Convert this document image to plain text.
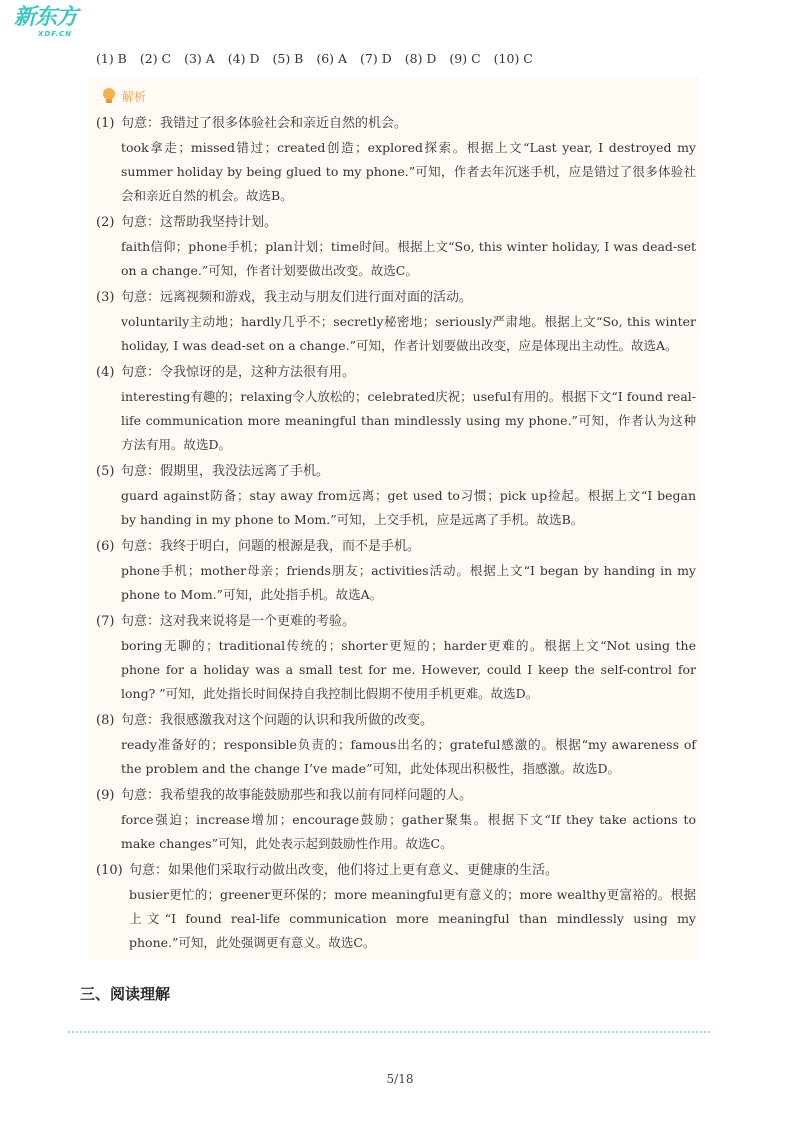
新东方
XDF.CN
(1) B (2) C (3) A (4) D (5) B (6) A (7) D (8) D (9) C (10) C
解析
(1) 句意：我错过了很多体验社会和亲近自然的机会。
took拿走；missed错过；created创造；explored探索。根据上文“Last year, I destroyed my summer holiday by being glued to my phone.”可知，作者去年沉迷手机，应是错过了很多体验社会和亲近自然的机会。故选B。
(2) 句意：这帮助我坚持计划。
faith信仰；phone手机；plan计划；time时间。根据上文“So, this winter holiday, I was dead-set on a change.”可知，作者计划要做出改变。故选C。
(3) 句意：远离视频和游戏，我主动与朋友们进行面对面的活动。
voluntarily主动地；hardly几乎不；secretly秘密地；seriously严肃地。根据上文“So, this winter holiday, I was dead-set on a change.”可知，作者计划要做出改变，应是体现出主动性。故选A。
(4) 句意：令我惊讶的是，这种方法很有用。
interesting有趣的；relaxing令人放松的；celebrated庆祝；useful有用的。根据下文“I found real-life communication more meaningful than mindlessly using my phone.”可知，作者认为这种方法有用。故选D。
(5) 句意：假期里，我没法远离了手机。
guard against防备；stay away from远离；get used to习惯；pick up捡起。根据上文“I began by handing in my phone to Mom.”可知，上交手机，应是远离了手机。故选B。
(6) 句意：我终于明白，问题的根源是我，而不是手机。
phone手机；mother母亲；friends朋友；activities活动。根据上文“I began by handing in my phone to Mom.”可知，此处指手机。故选A。
(7) 句意：这对我来说将是一个更难的考验。
boring无聊的；traditional传统的；shorter更短的；harder更难的。根据上文“Not using the phone for a holiday was a small test for me. However, could I keep the self-control for long? ”可知，此处指长时间保持自我控制比假期不使用手机更难。故选D。
(8) 句意：我很感激我对这个问题的认识和我所做的改变。
ready准备好的；responsible负责的；famous出名的；grateful感激的。根据“my awareness of the problem and the change I’ve made”可知，此处体现出积极性，指感激。故选D。
(9) 句意：我希望我的故事能鼓励那些和我以前有同样问题的人。
force强迫；increase增加；encourage鼓励；gather聚集。根据下文“If they take actions to make changes”可知，此处表示起到鼓励性作用。故选C。
(10) 句意：如果他们采取行动做出改变，他们将过上更有意义、更健康的生活。
busier更忙的；greener更环保的；more meaningful更有意义的；more wealthy更富裕的。根据上文“I found real-life communication more meaningful than mindlessly using my phone.”可知，此处强调更有意义。故选C。
三、阅读理解
5/18
